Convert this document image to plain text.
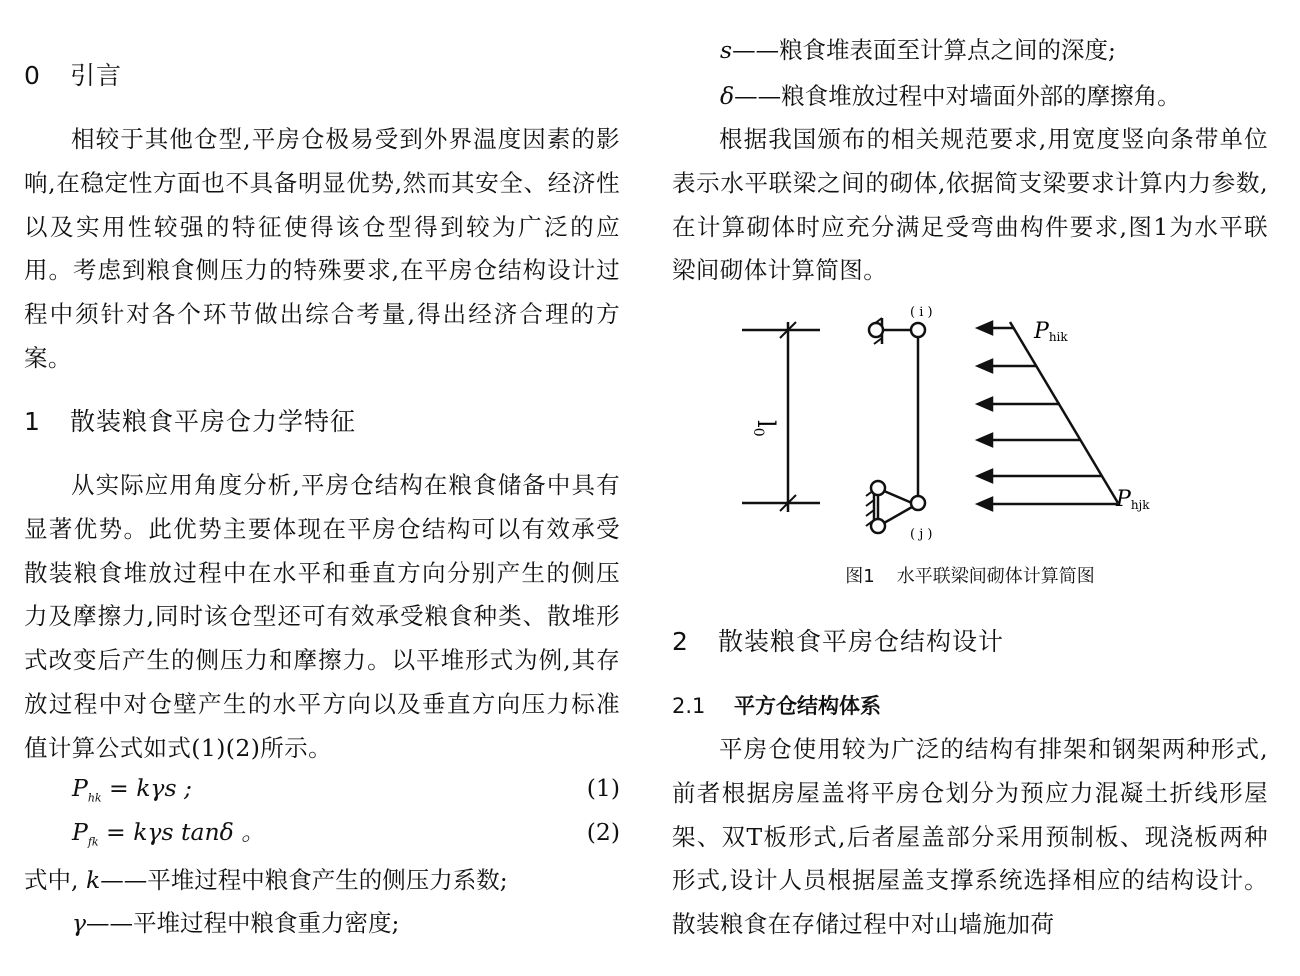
0 引言

相较于其他仓型,平房仓极易受到外界温度因素的影响,在稳定性方面也不具备明显优势,然而其安全、经济性以及实用性较强的特征使得该仓型得到较为广泛的应用。考虑到粮食侧压力的特殊要求,在平房仓结构设计过程中须针对各个环节做出综合考量,得出经济合理的方案。

1 散装粮食平房仓力学特征

从实际应用角度分析,平房仓结构在粮食储备中具有显著优势。此优势主要体现在平房仓结构可以有效承受散装粮食堆放过程中在水平和垂直方向分别产生的侧压力及摩擦力,同时该仓型还可有效承受粮食种类、散堆形式改变后产生的侧压力和摩擦力。以平堆形式为例,其存放过程中对仓壁产生的水平方向以及垂直方向压力标准值计算公式如式(1)(2)所示。

$P_{hk} = k\gamma s$ ;	(1)
$P_{fk} = k\gamma s$ tanδ 。	(2)
式中, k——平堆过程中粮食产生的侧压力系数;
γ——平堆过程中粮食重力密度;
s——粮食堆表面至计算点之间的深度;
δ——粮食堆放过程中对墙面外部的摩擦角。

根据我国颁布的相关规范要求,用宽度竖向条带单位表示水平联梁之间的砌体,依据简支梁要求计算内力参数,在计算砌体时应充分满足受弯曲构件要求,图1为水平联梁间砌体计算简图。

l0
( i )
( j )
Phik
Phjk
图1 水平联梁间砌体计算简图
2 散装粮食平房仓结构设计
2.1 平方仓结构体系

平房仓使用较为广泛的结构有排架和钢架两种形式,前者根据房屋盖将平房仓划分为预应力混凝土折线形屋架、双T板形式,后者屋盖部分采用预制板、现浇板两种形式,设计人员根据屋盖支撑系统选择相应的结构设计。散装粮食在存储过程中对山墙施加荷
